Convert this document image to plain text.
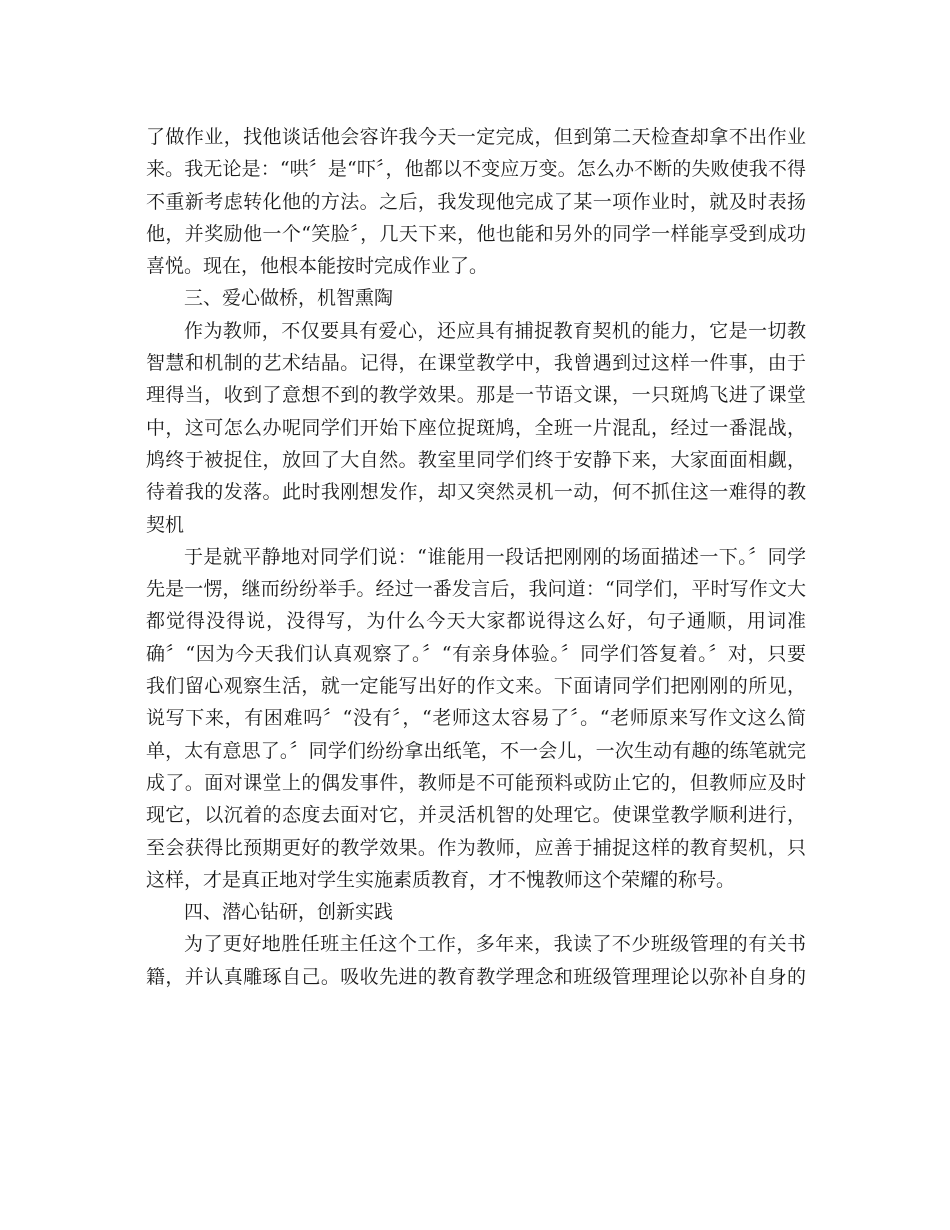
了做作业，找他谈话他会容许我今天一定完成，但到第二天检查却拿不出作业
来。我无论是：“哄〞是“吓〞，他都以不变应万变。怎么办不断的失败使我不得
不重新考虑转化他的方法。之后，我发现他完成了某一项作业时，就及时表扬
他，并奖励他一个“笑脸〞，几天下来，他也能和另外的同学一样能享受到成功
喜悦。现在，他根本能按时完成作业了。
三、爱心做桥，机智熏陶
作为教师，不仅要具有爱心，还应具有捕捉教育契机的能力，它是一切教
智慧和机制的艺术结晶。记得，在课堂教学中，我曾遇到过这样一件事，由于
理得当，收到了意想不到的教学效果。那是一节语文课，一只斑鸠飞进了课堂
中，这可怎么办呢同学们开始下座位捉斑鸠，全班一片混乱，经过一番混战，
鸠终于被捉住，放回了大自然。教室里同学们终于安静下来，大家面面相觑，
待着我的发落。此时我刚想发作，却又突然灵机一动，何不抓住这一难得的教
契机
于是就平静地对同学们说：“谁能用一段话把刚刚的场面描述一下。〞同学
先是一愣，继而纷纷举手。经过一番发言后，我问道：“同学们，平时写作文大
都觉得没得说，没得写，为什么今天大家都说得这么好，句子通顺，用词准
确〞“因为今天我们认真观察了。〞“有亲身体验。〞同学们答复着。〞对，只要
我们留心观察生活，就一定能写出好的作文来。下面请同学们把刚刚的所见，
说写下来，有困难吗〞“没有〞，“老师这太容易了〞。“老师原来写作文这么简
单，太有意思了。〞同学们纷纷拿出纸笔，不一会儿，一次生动有趣的练笔就完
成了。面对课堂上的偶发事件，教师是不可能预料或防止它的，但教师应及时
现它，以沉着的态度去面对它，并灵活机智的处理它。使课堂教学顺利进行，
至会获得比预期更好的教学效果。作为教师，应善于捕捉这样的教育契机，只
这样，才是真正地对学生实施素质教育，才不愧教师这个荣耀的称号。
四、潜心钻研，创新实践
为了更好地胜任班主任这个工作，多年来，我读了不少班级管理的有关书
籍，并认真雕琢自己。吸收先进的教育教学理念和班级管理理论以弥补自身的
